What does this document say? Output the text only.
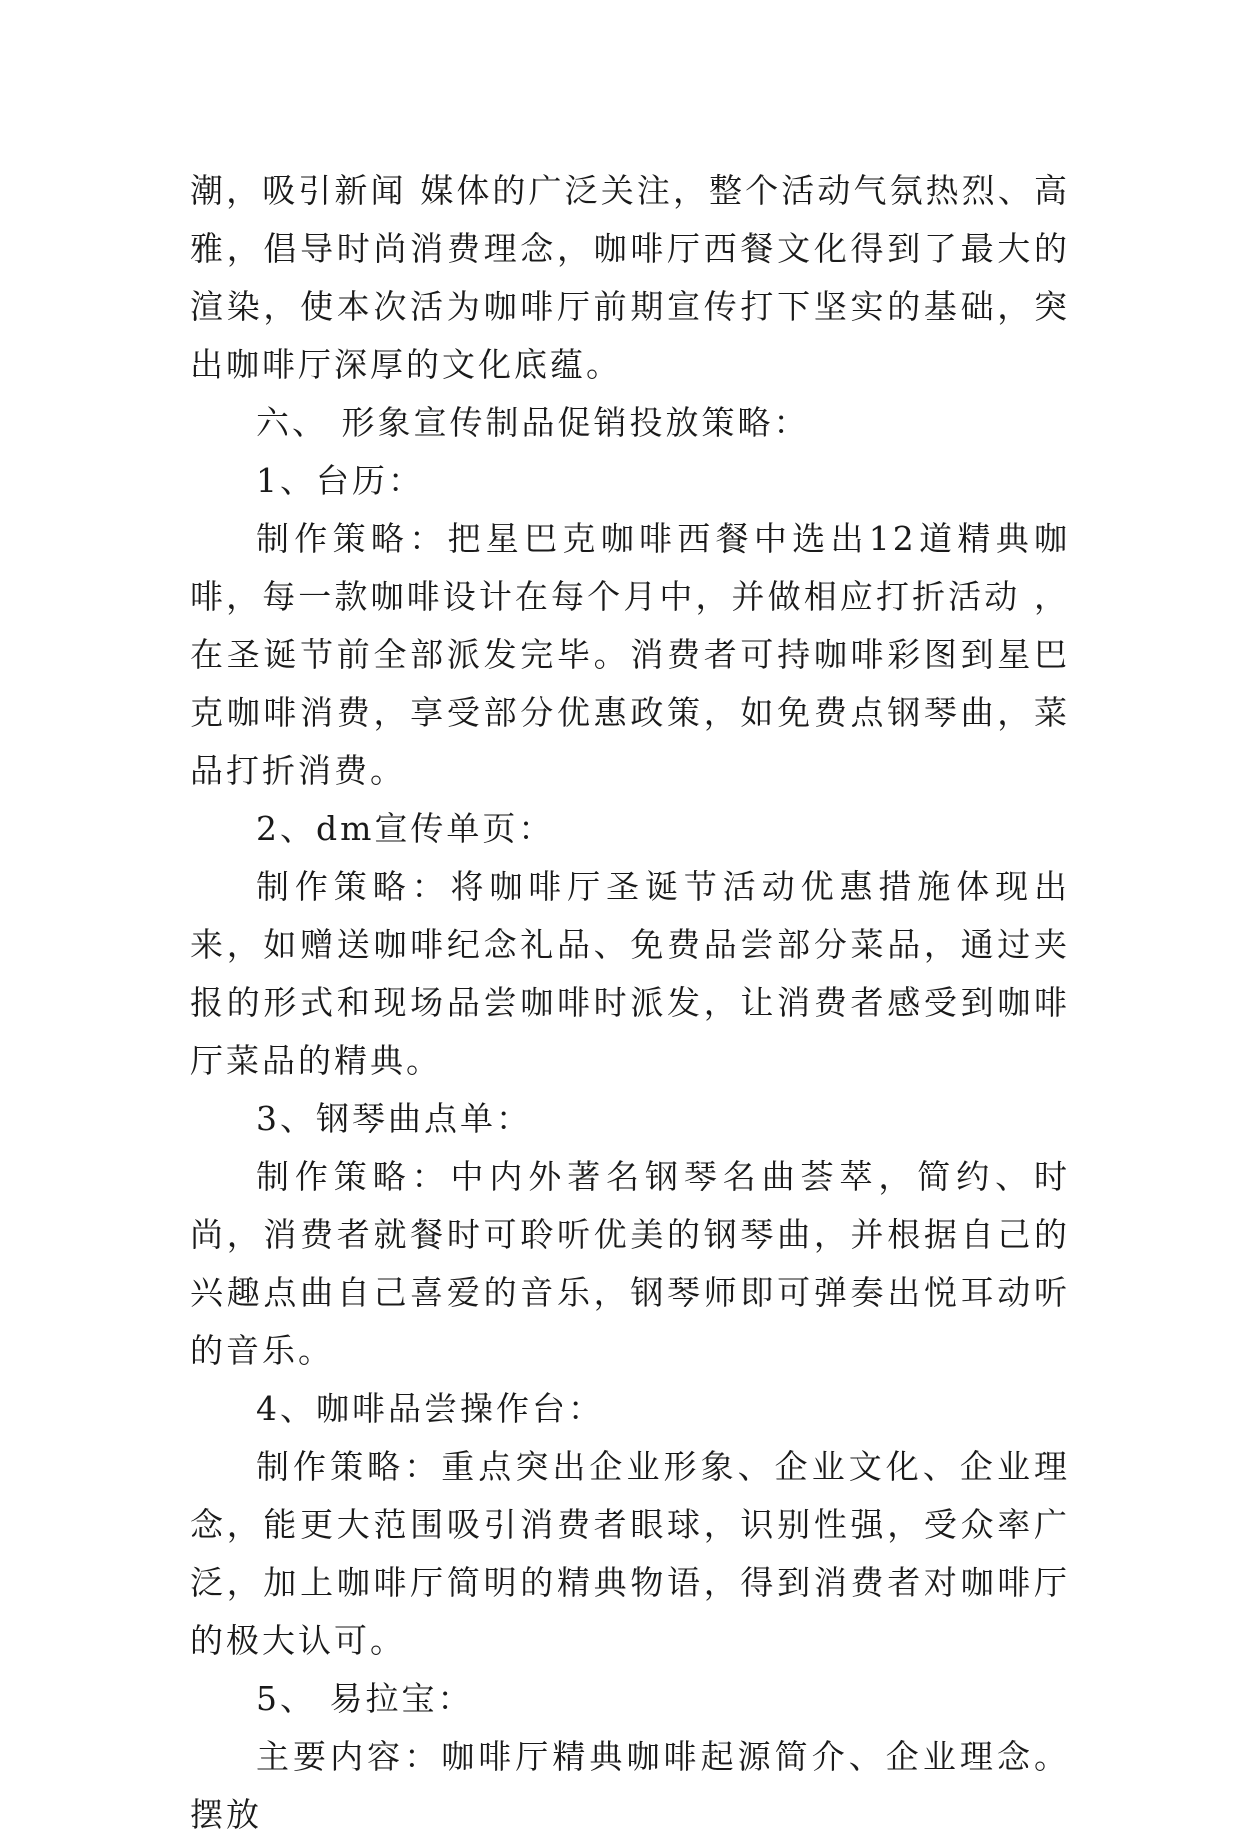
潮，吸引新闻 媒体的广泛关注，整个活动气氛热烈、高雅，倡导时尚消费理念，咖啡厅西餐文化得到了最大的渲染，使本次活为咖啡厅前期宣传打下坚实的基础，突出咖啡厅深厚的文化底蕴。

六、 形象宣传制品促销投放策略：

1、台历：

制作策略：把星巴克咖啡西餐中选出12道精典咖啡，每一款咖啡设计在每个月中，并做相应打折活动 ，在圣诞节前全部派发完毕。消费者可持咖啡彩图到星巴克咖啡消费，享受部分优惠政策，如免费点钢琴曲，菜品打折消费。

2、dm宣传单页：

制作策略：将咖啡厅圣诞节活动优惠措施体现出来，如赠送咖啡纪念礼品、免费品尝部分菜品，通过夹报的形式和现场品尝咖啡时派发，让消费者感受到咖啡厅菜品的精典。

3、钢琴曲点单：

制作策略：中内外著名钢琴名曲荟萃，简约、时尚，消费者就餐时可聆听优美的钢琴曲，并根据自己的兴趣点曲自己喜爱的音乐，钢琴师即可弹奏出悦耳动听的音乐。

4、咖啡品尝操作台：

制作策略：重点突出企业形象、企业文化、企业理念，能更大范围吸引消费者眼球，识别性强，受众率广泛，加上咖啡厅简明的精典物语，得到消费者对咖啡厅的极大认可。

5、 易拉宝：

主要内容：咖啡厅精典咖啡起源简介、企业理念。摆放
